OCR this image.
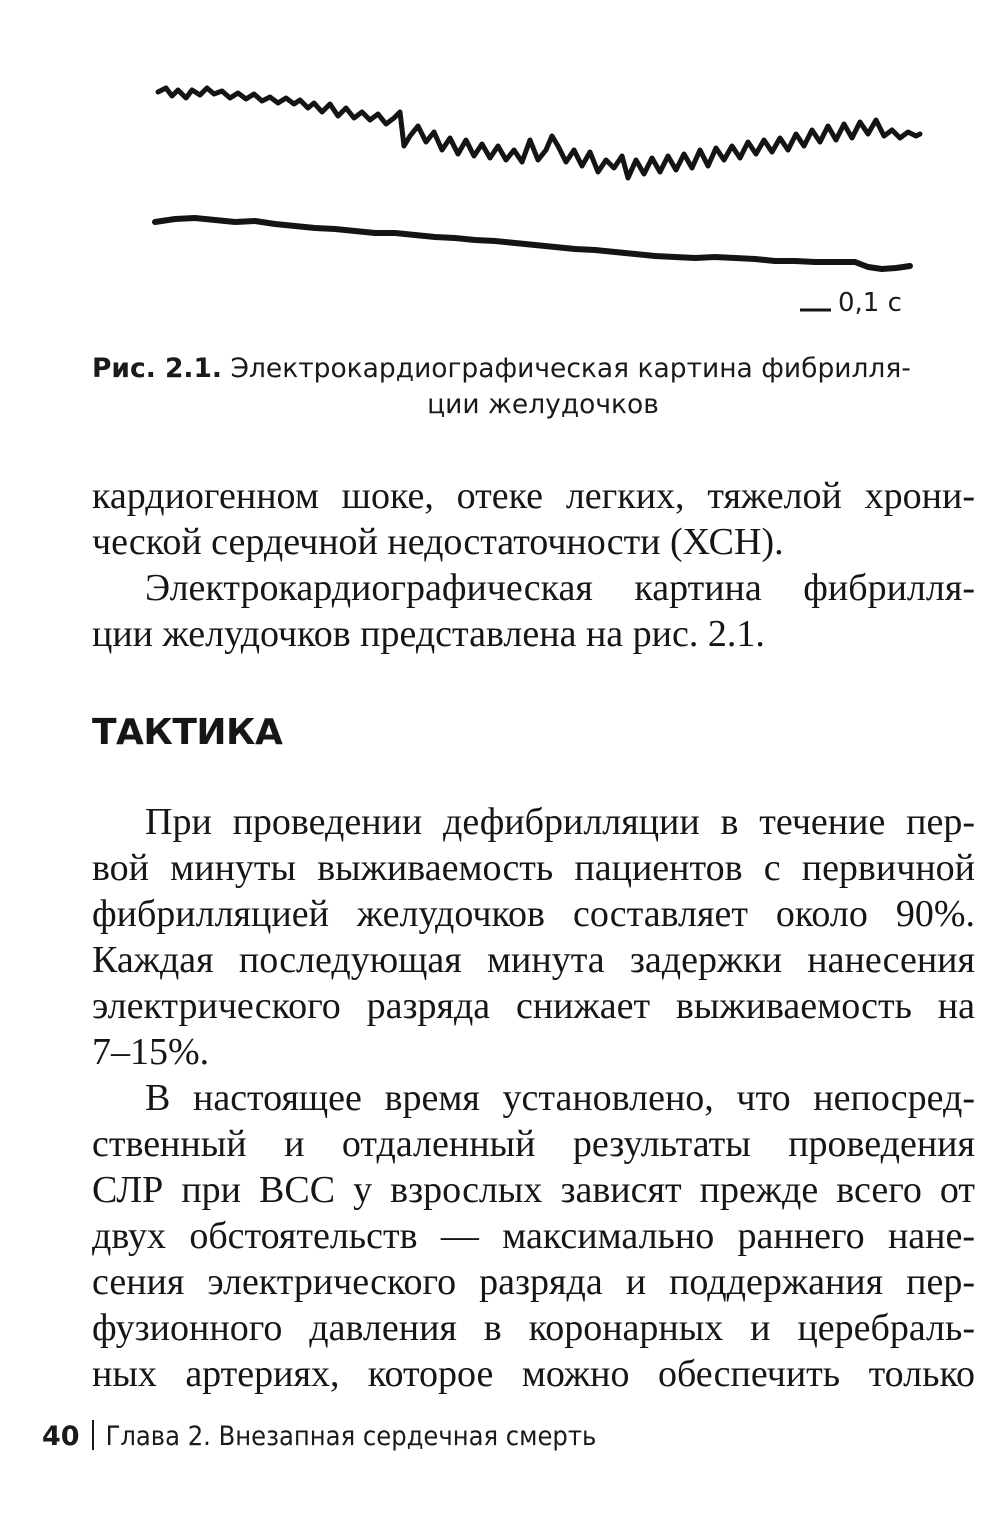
0,1 с
Рис. 2.1. Электрокардиографическая картина фибрилля-
ции желудочков
кардиогенном шоке, отеке легких, тяжелой хрони-
ческой сердечной недостаточности (ХСН).
Электрокардиографическая картина фибрилля-
ции желудочков представлена на рис. 2.1.
ТАКТИКА
При проведении дефибрилляции в течение пер-
вой минуты выживаемость пациентов с первичной
фибрилляцией желудочков составляет около 90%.
Каждая последующая минута задержки нанесения
электрического разряда снижает выживаемость на
7–15%.
В настоящее время установлено, что непосред-
ственный и отдаленный результаты проведения
СЛР при ВСС у взрослых зависят прежде всего от
двух обстоятельств — максимально раннего нане-
сения электрического разряда и поддержания пер-
фузионного давления в коронарных и церебраль-
ных артериях, которое можно обеспечить только
40 Глава 2. Внезапная сердечная смерть
